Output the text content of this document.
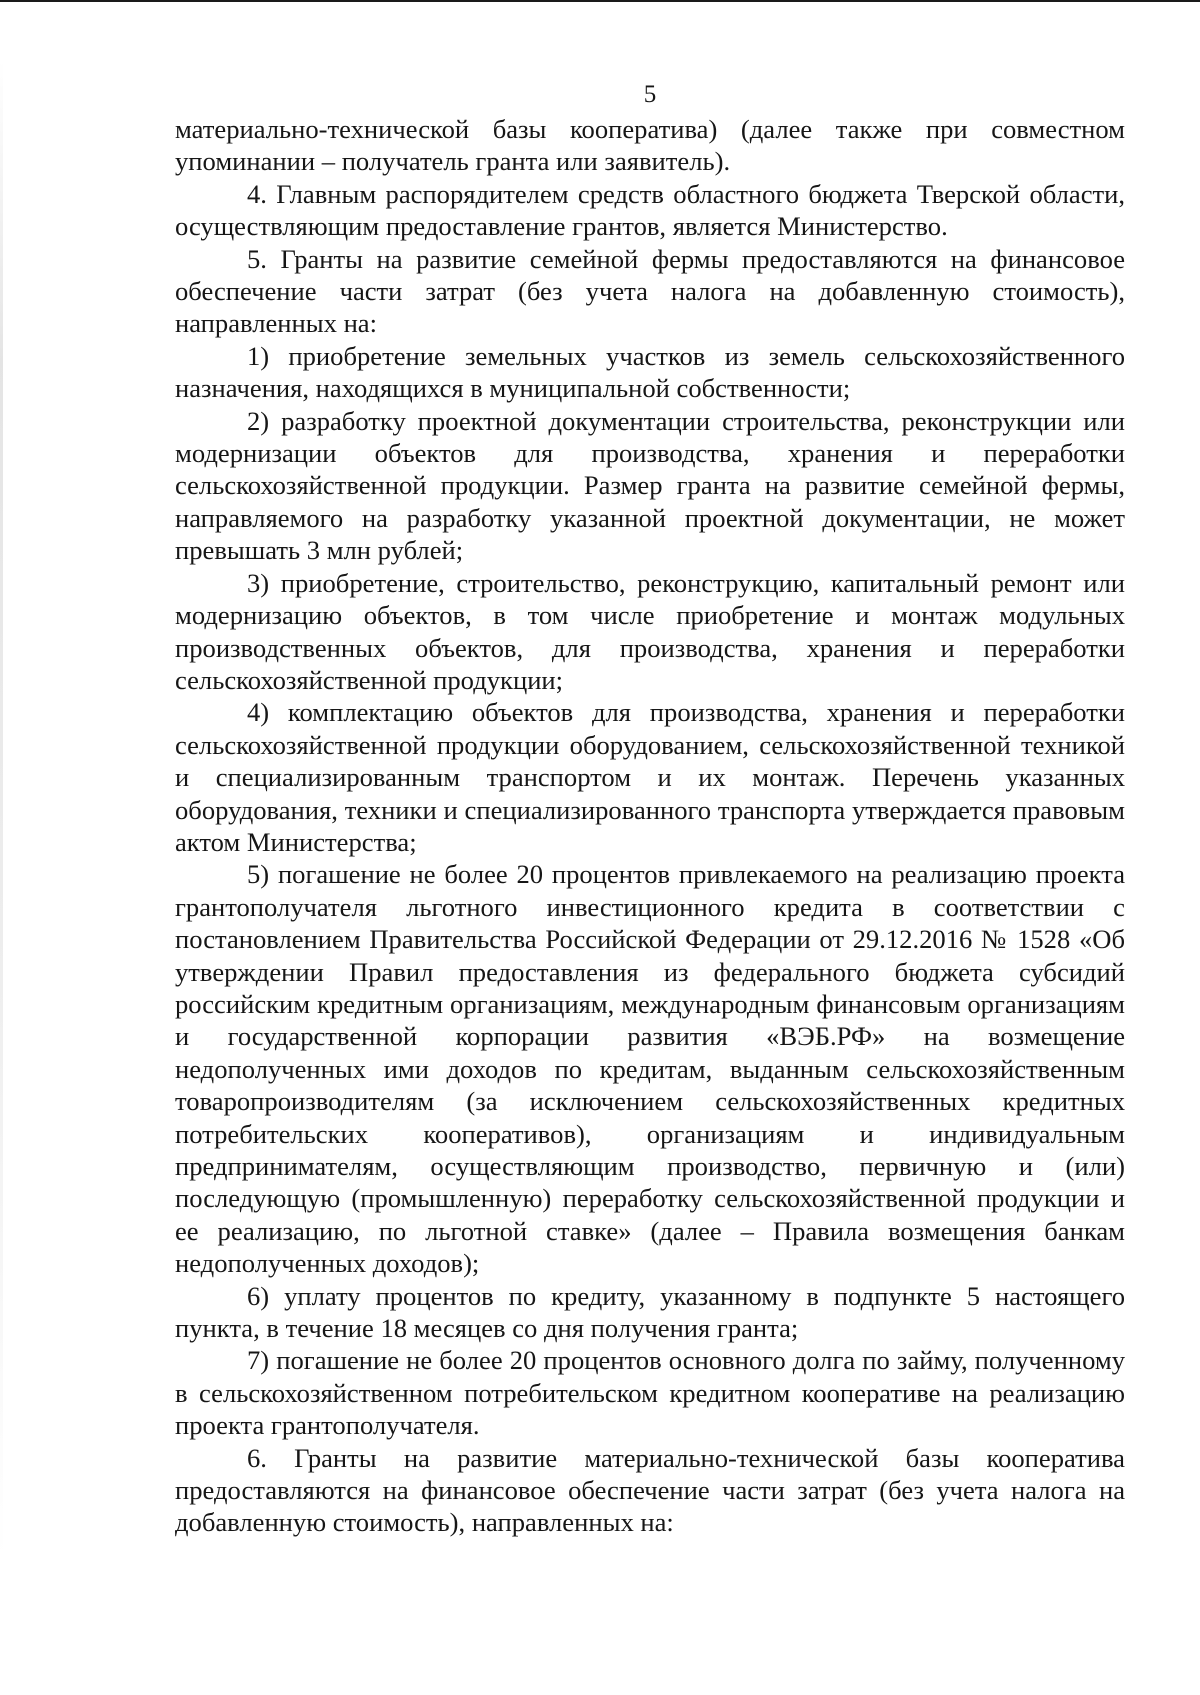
5

материально-технической базы кооператива) (далее также при совместном упоминании – получатель гранта или заявитель).

4. Главным распорядителем средств областного бюджета Тверской области, осуществляющим предоставление грантов, является Министерство.

5. Гранты на развитие семейной фермы предоставляются на финансовое обеспечение части затрат (без учета налога на добавленную стоимость), направленных на:

1) приобретение земельных участков из земель сельскохозяйственного назначения, находящихся в муниципальной собственности;

2) разработку проектной документации строительства, реконструкции или модернизации объектов для производства, хранения и переработки сельскохозяйственной продукции. Размер гранта на развитие семейной фермы, направляемого на разработку указанной проектной документации, не может превышать 3 млн рублей;

3) приобретение, строительство, реконструкцию, капитальный ремонт или модернизацию объектов, в том числе приобретение и монтаж модульных производственных объектов, для производства, хранения и переработки сельскохозяйственной продукции;

4) комплектацию объектов для производства, хранения и переработки сельскохозяйственной продукции оборудованием, сельскохозяйственной техникой и специализированным транспортом и их монтаж. Перечень указанных оборудования, техники и специализированного транспорта утверждается правовым актом Министерства;

5) погашение не более 20 процентов привлекаемого на реализацию проекта грантополучателя льготного инвестиционного кредита в соответствии с постановлением Правительства Российской Федерации от 29.12.2016 № 1528 «Об утверждении Правил предоставления из федерального бюджета субсидий российским кредитным организациям, международным финансовым организациям и государственной корпорации развития «ВЭБ.РФ» на возмещение недополученных ими доходов по кредитам, выданным сельскохозяйственным товаропроизводителям (за исключением сельскохозяйственных кредитных потребительских кооперативов), организациям и индивидуальным предпринимателям, осуществляющим производство, первичную и (или) последующую (промышленную) переработку сельскохозяйственной продукции и ее реализацию, по льготной ставке» (далее – Правила возмещения банкам недополученных доходов);

6) уплату процентов по кредиту, указанному в подпункте 5 настоящего пункта, в течение 18 месяцев со дня получения гранта;

7) погашение не более 20 процентов основного долга по займу, полученному в сельскохозяйственном потребительском кредитном кооперативе на реализацию проекта грантополучателя.

6. Гранты на развитие материально-технической базы кооператива предоставляются на финансовое обеспечение части затрат (без учета налога на добавленную стоимость), направленных на:
